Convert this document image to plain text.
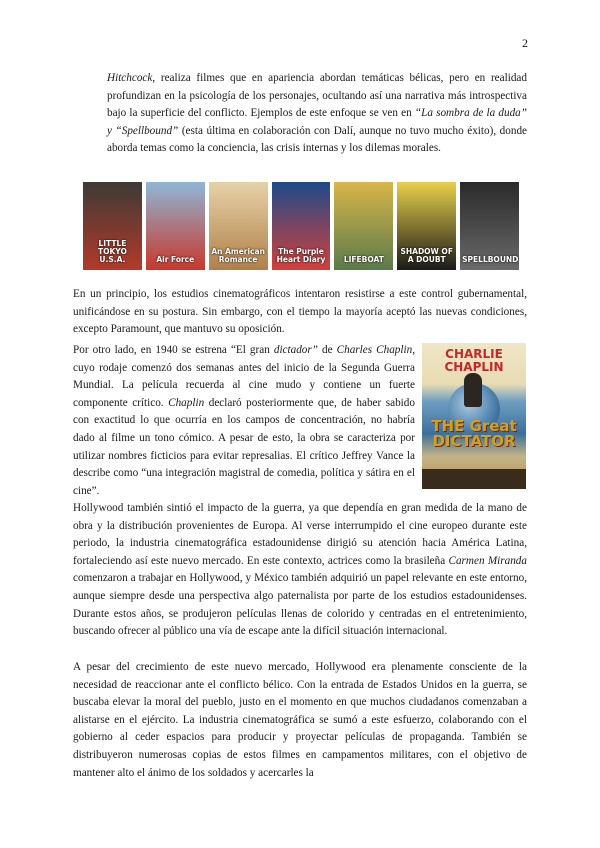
2

Hitchcock, realiza filmes que en apariencia abordan temáticas bélicas, pero en realidad profundizan en la psicología de los personajes, ocultando así una narrativa más introspectiva bajo la superficie del conflicto. Ejemplos de este enfoque se ven en “La sombra de la duda” y “Spellbound” (esta última en colaboración con Dalí, aunque no tuvo mucho éxito), donde aborda temas como la conciencia, las crisis internas y los dilemas morales.

LITTLE TOKYO U.S.A.	Air Force
An American Romance
The Purple Heart Diary	LIFEBOAT
SHADOW OF A DOUBT	SPELLBOUND

En un principio, los estudios cinematográficos intentaron resistirse a este control gubernamental, unificándose en su postura. Sin embargo, con el tiempo la mayoría aceptó las nuevas condiciones, excepto Paramount, que mantuvo su oposición.

Por otro lado, en 1940 se estrena “El gran dictador” de Charles Chaplin, cuyo rodaje comenzó dos semanas antes del inicio de la Segunda Guerra Mundial. La película recuerda al cine mudo y contiene un fuerte componente crítico. Chaplin declaró posteriormente que, de haber sabido con exactitud lo que ocurría en los campos de concentración, no habría dado al filme un tono cómico. A pesar de esto, la obra se caracteriza por utilizar nombres ficticios para evitar represalias. El crítico Jeffrey Vance la describe como “una integración magistral de comedia, política y sátira en el cine”.

CHARLIE CHAPLIN
THE Great DICTATOR

Hollywood también sintió el impacto de la guerra, ya que dependía en gran medida de la mano de obra y la distribución provenientes de Europa. Al verse interrumpido el cine europeo durante este periodo, la industria cinematográfica estadounidense dirigió su atención hacia América Latina, fortaleciendo así este nuevo mercado. En este contexto, actrices como la brasileña Carmen Miranda comenzaron a trabajar en Hollywood, y México también adquirió un papel relevante en este entorno, aunque siempre desde una perspectiva algo paternalista por parte de los estudios estadounidenses. Durante estos años, se produjeron películas llenas de colorido y centradas en el entretenimiento, buscando ofrecer al público una vía de escape ante la difícil situación internacional.

A pesar del crecimiento de este nuevo mercado, Hollywood era plenamente consciente de la necesidad de reaccionar ante el conflicto bélico. Con la entrada de Estados Unidos en la guerra, se buscaba elevar la moral del pueblo, justo en el momento en que muchos ciudadanos comenzaban a alistarse en el ejército. La industria cinematográfica se sumó a este esfuerzo, colaborando con el gobierno al ceder espacios para producir y proyectar películas de propaganda. También se distribuyeron numerosas copias de estos filmes en campamentos militares, con el objetivo de mantener alto el ánimo de los soldados y acercarles la
